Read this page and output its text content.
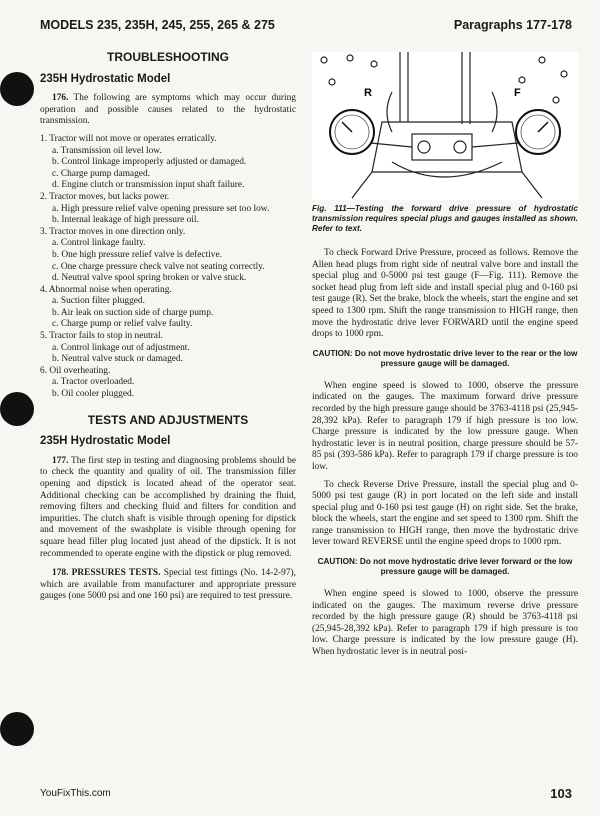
MODELS 235, 235H, 245, 255, 265 & 275	Paragraphs 177-178
TROUBLESHOOTING
235H Hydrostatic Model

176. The following are symptoms which may occur during operation and possible causes related to the hydrostatic transmission.

1. Tractor will not move or operates erratically.
a. Transmission oil level low.
b. Control linkage improperly adjusted or damaged.
c. Charge pump damaged.
d. Engine clutch or transmission input shaft failure.
2. Tractor moves, but lacks power.
a. High pressure relief valve opening pressure set too low.
b. Internal leakage of high pressure oil.
3. Tractor moves in one direction only.
a. Control linkage faulty.
b. One high pressure relief valve is defective.
c. One charge pressure check valve not seating correctly.
d. Neutral valve spool spring broken or valve stuck.
4. Abnormal noise when operating.
a. Suction filter plugged.
b. Air leak on suction side of charge pump.
c. Charge pump or relief valve faulty.
5. Tractor fails to stop in neutral.
a. Control linkage out of adjustment.
b. Neutral valve stuck or damaged.
6. Oil overheating.
a. Tractor overloaded.
b. Oil cooler plugged.
TESTS AND ADJUSTMENTS
235H Hydrostatic Model

177. The first step in testing and diagnosing problems should be to check the quantity and quality of oil. The transmission filler opening and dipstick is located ahead of the operator seat. Additional checking can be accomplished by draining the fluid, removing filters and checking fluid and filters for condition and impurities. The clutch shaft is visible through opening for dipstick and movement of the swashplate is visible through opening for square head filler plug located just ahead of the dipstick. It is not recommended to operate engine with the dipstick or plug removed.

178. PRESSURES TESTS. Special test fittings (No. 14-2-97), which are available from manufacturer and appropriate pressure gauges (one 5000 psi and one 160 psi) are required to test pressure.

R	F
Fig. 111—Testing the forward drive pressure of hydrostatic transmission requires special plugs and gauges installed as shown. Refer to text.

To check Forward Drive Pressure, proceed as follows. Remove the Allen head plugs from right side of neutral valve bore and install the special plug and 0-5000 psi test gauge (F—Fig. 111). Remove the socket head plug from left side and install special plug and 0-160 psi test gauge (R). Set the brake, block the wheels, start the engine and set speed to 1300 rpm. Shift the range transmission to HIGH range, then move the hydrostatic drive lever FORWARD until the engine speed drops to 1000 rpm.

CAUTION: Do not move hydrostatic drive lever to the rear or the low pressure gauge will be damaged.

When engine speed is slowed to 1000, observe the pressure indicated on the gauges. The maximum forward drive pressure recorded by the high pressure gauge should be 3763-4118 psi (25,945-28,392 kPa). Refer to paragraph 179 if high pressure is too low. Charge pressure is indicated by the low pressure gauge. When hydrostatic lever is in neutral position, charge pressure should be 57-85 psi (393-586 kPa). Refer to paragraph 179 if charge pressure is too low.

To check Reverse Drive Pressure, install the special plug and 0-5000 psi test gauge (R) in port located on the left side and install special plug and 0-160 psi test gauge (H) on right side. Set the brake, block the wheels, start the engine and set speed to 1300 rpm. Shift the range transmission to HIGH range, then move the hydrostatic drive lever toward REVERSE until the engine speed drops to 1000 rpm.

CAUTION: Do not move hydrostatic drive lever forward or the low pressure gauge will be damaged.

When engine speed is slowed to 1000, observe the pressure indicated on the gauges. The maximum reverse drive pressure recorded by the high pressure gauge (R) should be 3763-4118 psi (25,945-28,392 kPa). Refer to paragraph 179 if high pressure is too low. Charge pressure is indicated by the low pressure gauge (H). When hydrostatic lever is in neutral posi-

YouFixThis.com	103
